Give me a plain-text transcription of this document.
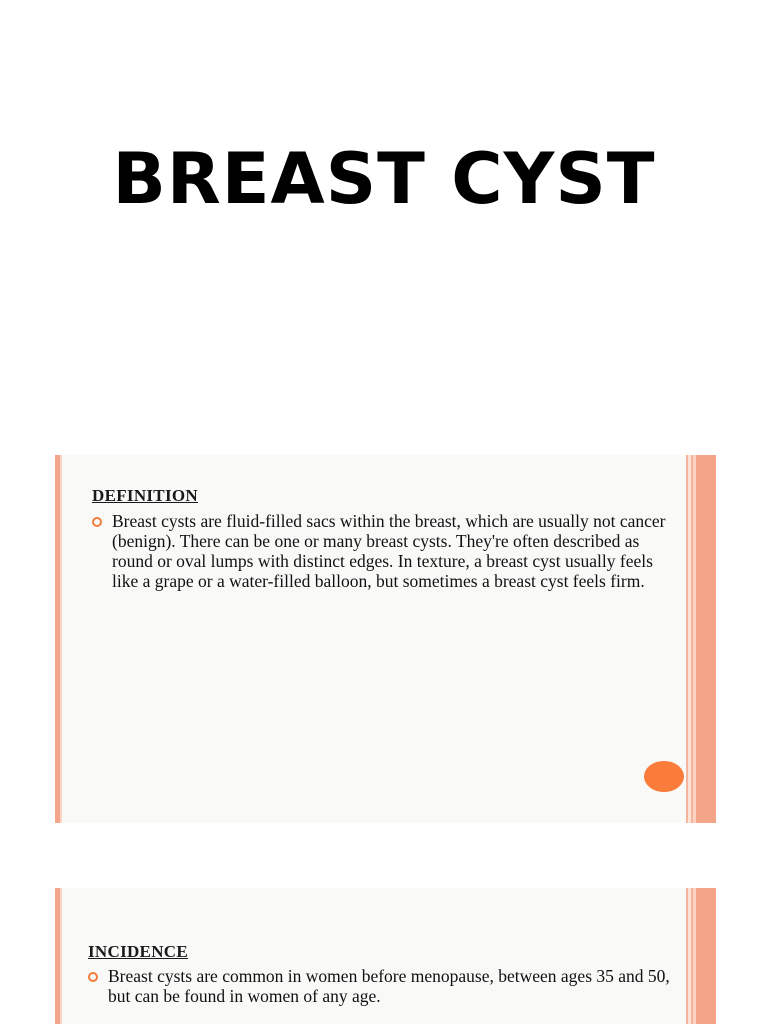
BREAST CYST
DEFINITION
Breast cysts are fluid-filled sacs within the breast, which are usually not cancer (benign). There can be one or many breast cysts. They're often described as round or oval lumps with distinct edges. In texture, a breast cyst usually feels like a grape or a water-filled balloon, but sometimes a breast cyst feels firm.
INCIDENCE
Breast cysts are common in women before menopause, between ages 35 and 50, but can be found in women of any age.
